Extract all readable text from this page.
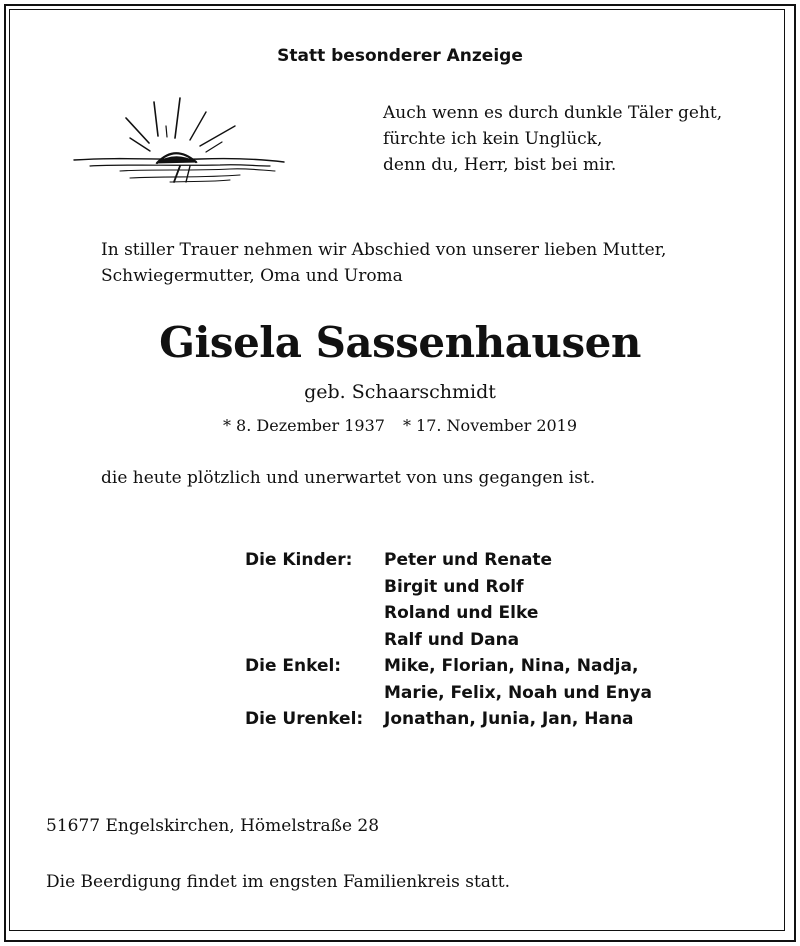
Statt besonderer Anzeige
Auch wenn es durch dunkle Täler geht,
fürchte ich kein Unglück,
denn du, Herr, bist bei mir.
In stiller Trauer nehmen wir Abschied von unserer lieben Mutter,
Schwiegermutter, Oma und Uroma
Gisela Sassenhausen
geb. Schaarschmidt
* 8. Dezember 1937 * 17. November 2019
die heute plötzlich und unerwartet von uns gegangen ist.
Die Kinder:	Peter und Renate
Birgit und Rolf
Roland und Elke
Ralf und Dana
Die Enkel:	Mike, Florian, Nina, Nadja,
Marie, Felix, Noah und Enya
Die Urenkel:	Jonathan, Junia, Jan, Hana
51677 Engelskirchen, Hömelstraße 28
Die Beerdigung findet im engsten Familienkreis statt.
